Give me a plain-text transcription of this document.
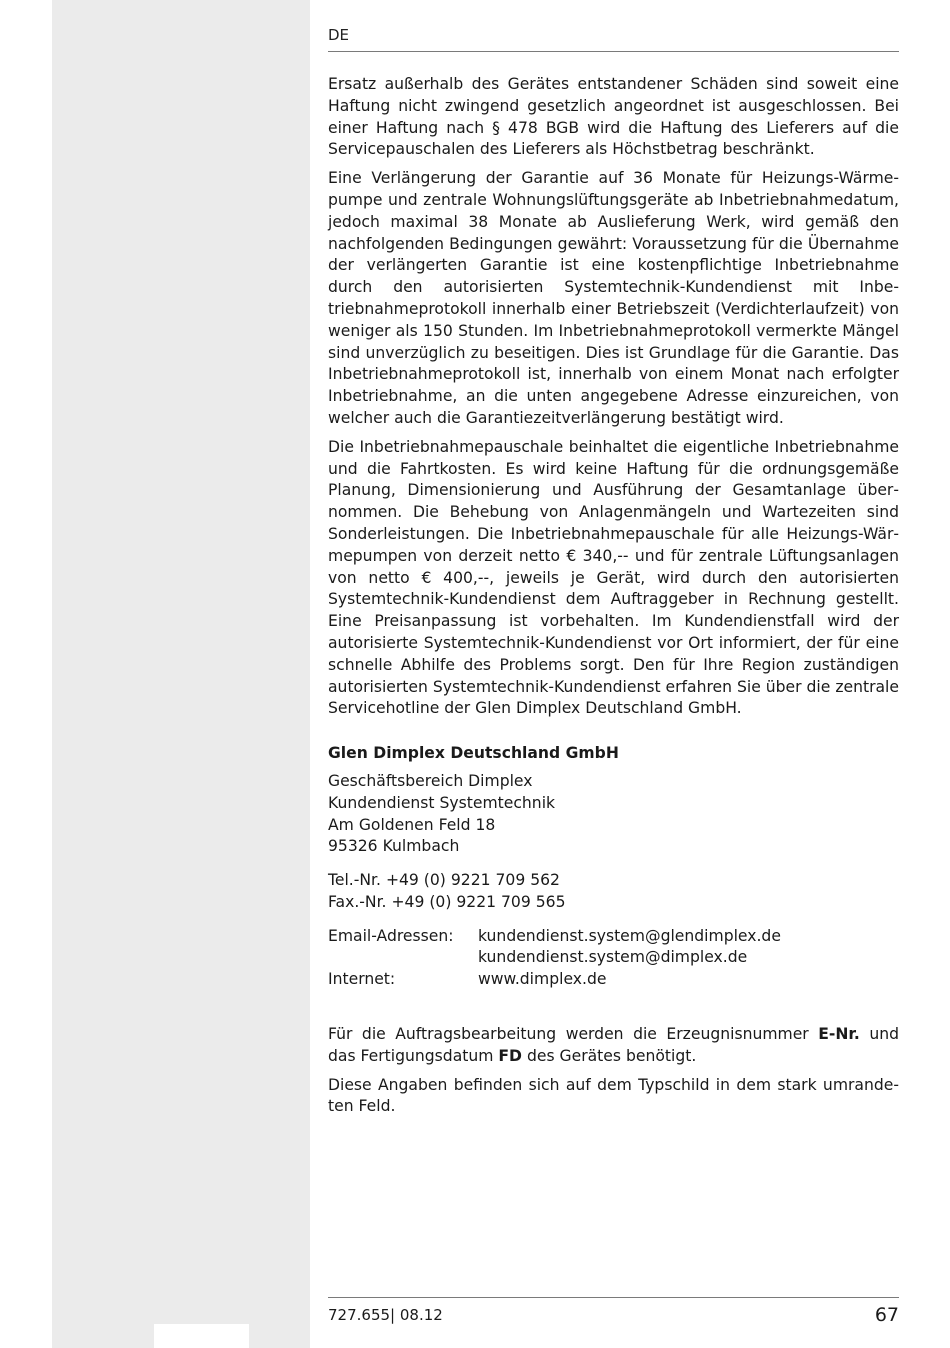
DE

Ersatz außerhalb des Gerätes entstandener Schäden sind soweit eine Haftung nicht zwingend gesetzlich angeordnet ist ausgeschlossen. Bei einer Haftung nach § 478 BGB wird die Haftung des Lieferers auf die Servicepauschalen des Lieferers als Höchstbetrag beschränkt.

Eine Verlängerung der Garantie auf 36 Monate für Heizungs-Wärmepumpe und zentrale Wohnungslüftungsgeräte ab Inbetriebnahmedatum, jedoch maximal 38 Monate ab Auslieferung Werk, wird gemäß den nachfolgenden Bedingungen gewährt: Voraussetzung für die Übernahme der verlängerten Garantie ist eine kostenpflichtige Inbetriebnahme durch den autorisierten Systemtechnik-Kundendienst mit Inbetriebnahmeprotokoll innerhalb einer Betriebszeit (Verdichterlaufzeit) von weniger als 150 Stunden. Im Inbetriebnahmeprotokoll vermerkte Mängel sind unverzüglich zu beseitigen. Dies ist Grundlage für die Garantie. Das Inbetriebnahmeprotokoll ist, innerhalb von einem Monat nach erfolgter Inbetriebnahme, an die unten angegebene Adresse einzureichen, von welcher auch die Garantiezeitverlängerung bestätigt wird.

Die Inbetriebnahmepauschale beinhaltet die eigentliche Inbetriebnahme und die Fahrtkosten. Es wird keine Haftung für die ordnungsgemäße Planung, Dimensionierung und Ausführung der Gesamtanlage übernommen. Die Behebung von Anlagenmängeln und Wartezeiten sind Sonderleistungen. Die Inbetriebnahmepauschale für alle Heizungs-Wärmepumpen von derzeit netto € 340,-- und für zentrale Lüftungsanlagen von netto € 400,--, jeweils je Gerät, wird durch den autorisierten Systemtechnik-Kundendienst dem Auftraggeber in Rechnung gestellt. Eine Preisanpassung ist vorbehalten. Im Kundendienstfall wird der autorisierte Systemtechnik-Kundendienst vor Ort informiert, der für eine schnelle Abhilfe des Problems sorgt. Den für Ihre Region zuständigen autorisierten Systemtechnik-Kundendienst erfahren Sie über die zentrale Servicehotline der Glen Dimplex Deutschland GmbH.

Glen Dimplex Deutschland GmbH
Geschäftsbereich Dimplex
Kundendienst Systemtechnik
Am Goldenen Feld 18
95326 Kulmbach
Tel.-Nr. +49 (0) 9221 709 562
Fax.-Nr. +49 (0) 9221 709 565
Email-Adressen:	kundendienst.system@glendimplex.de
kundendienst.system@dimplex.de
Internet:	www.dimplex.de

Für die Auftragsbearbeitung werden die Erzeugnisnummer E-Nr. und das Fertigungsdatum FD des Gerätes benötigt.

Diese Angaben befinden sich auf dem Typschild in dem stark umrandeten Feld.

727.655| 08.12	67
